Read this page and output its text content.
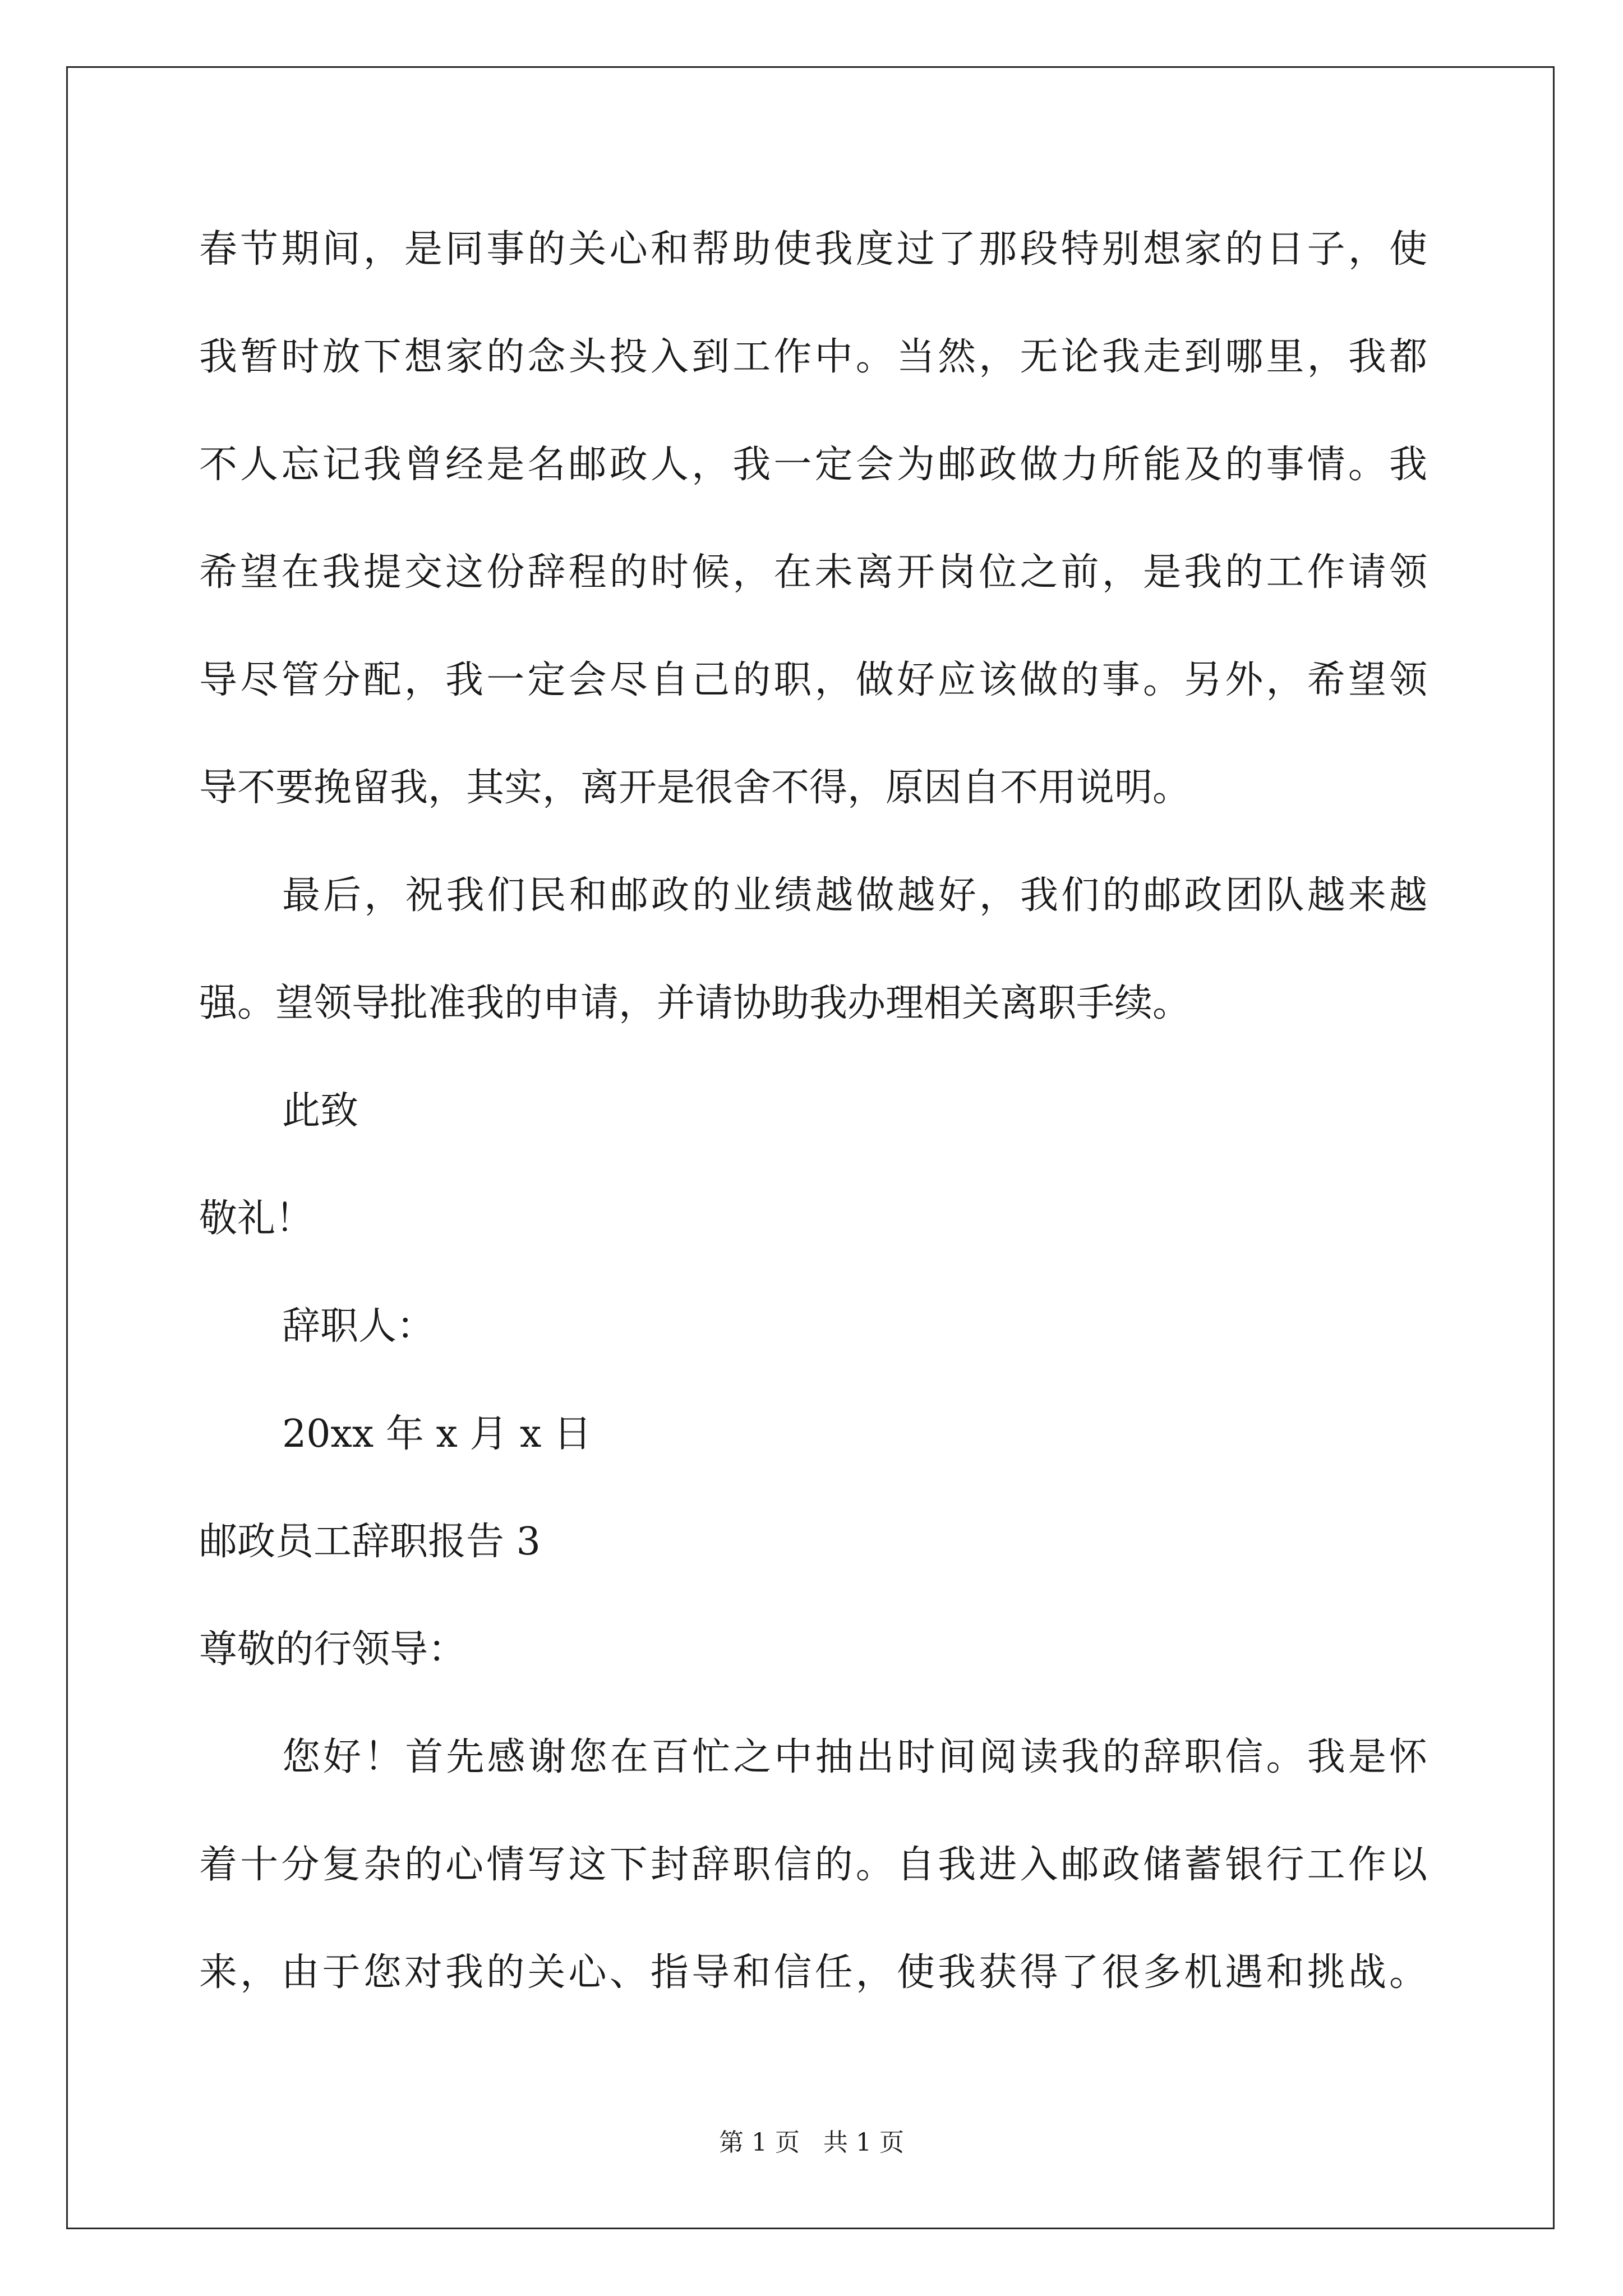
春节期间，是同事的关心和帮助使我度过了那段特别想家的日子，使
我暂时放下想家的念头投入到工作中。当然，无论我走到哪里，我都
不人忘记我曾经是名邮政人，我一定会为邮政做力所能及的事情。我
希望在我提交这份辞程的时候，在未离开岗位之前，是我的工作请领
导尽管分配，我一定会尽自己的职，做好应该做的事。另外，希望领
导不要挽留我，其实，离开是很舍不得，原因自不用说明。
最后，祝我们民和邮政的业绩越做越好，我们的邮政团队越来越
强。望领导批准我的申请，并请协助我办理相关离职手续。
此致
敬礼！
辞职人：
20xx 年 x 月 x 日
邮政员工辞职报告 3
尊敬的行领导：
您好！首先感谢您在百忙之中抽出时间阅读我的辞职信。我是怀
着十分复杂的心情写这下封辞职信的。自我进入邮政储蓄银行工作以
来，由于您对我的关心、指导和信任，使我获得了很多机遇和挑战。
第 1 页   共 1 页
